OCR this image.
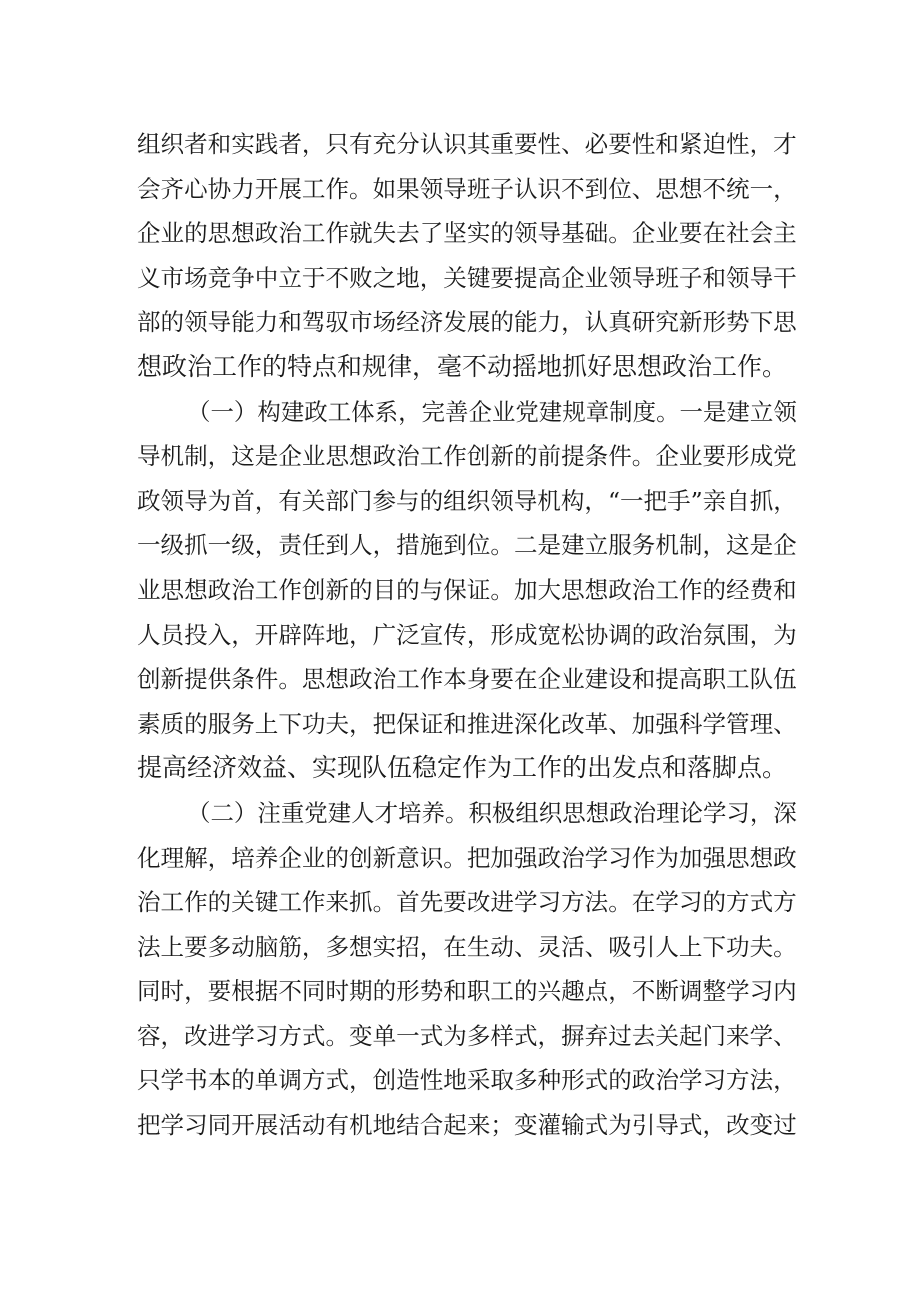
组织者和实践者，只有充分认识其重要性、必要性和紧迫性，才
会齐心协力开展工作。如果领导班子认识不到位、思想不统一，
企业的思想政治工作就失去了坚实的领导基础。企业要在社会主
义市场竞争中立于不败之地，关键要提高企业领导班子和领导干
部的领导能力和驾驭市场经济发展的能力，认真研究新形势下思
想政治工作的特点和规律，毫不动摇地抓好思想政治工作。
（一）构建政工体系，完善企业党建规章制度。一是建立领
导机制，这是企业思想政治工作创新的前提条件。企业要形成党
政领导为首，有关部门参与的组织领导机构，“一把手”亲自抓，
一级抓一级，责任到人，措施到位。二是建立服务机制，这是企
业思想政治工作创新的目的与保证。加大思想政治工作的经费和
人员投入，开辟阵地，广泛宣传，形成宽松协调的政治氛围，为
创新提供条件。思想政治工作本身要在企业建设和提高职工队伍
素质的服务上下功夫，把保证和推进深化改革、加强科学管理、
提高经济效益、实现队伍稳定作为工作的出发点和落脚点。
（二）注重党建人才培养。积极组织思想政治理论学习，深
化理解，培养企业的创新意识。把加强政治学习作为加强思想政
治工作的关键工作来抓。首先要改进学习方法。在学习的方式方
法上要多动脑筋，多想实招，在生动、灵活、吸引人上下功夫。
同时，要根据不同时期的形势和职工的兴趣点，不断调整学习内
容，改进学习方式。变单一式为多样式，摒弃过去关起门来学、
只学书本的单调方式，创造性地采取多种形式的政治学习方法，
把学习同开展活动有机地结合起来；变灌输式为引导式，改变过
